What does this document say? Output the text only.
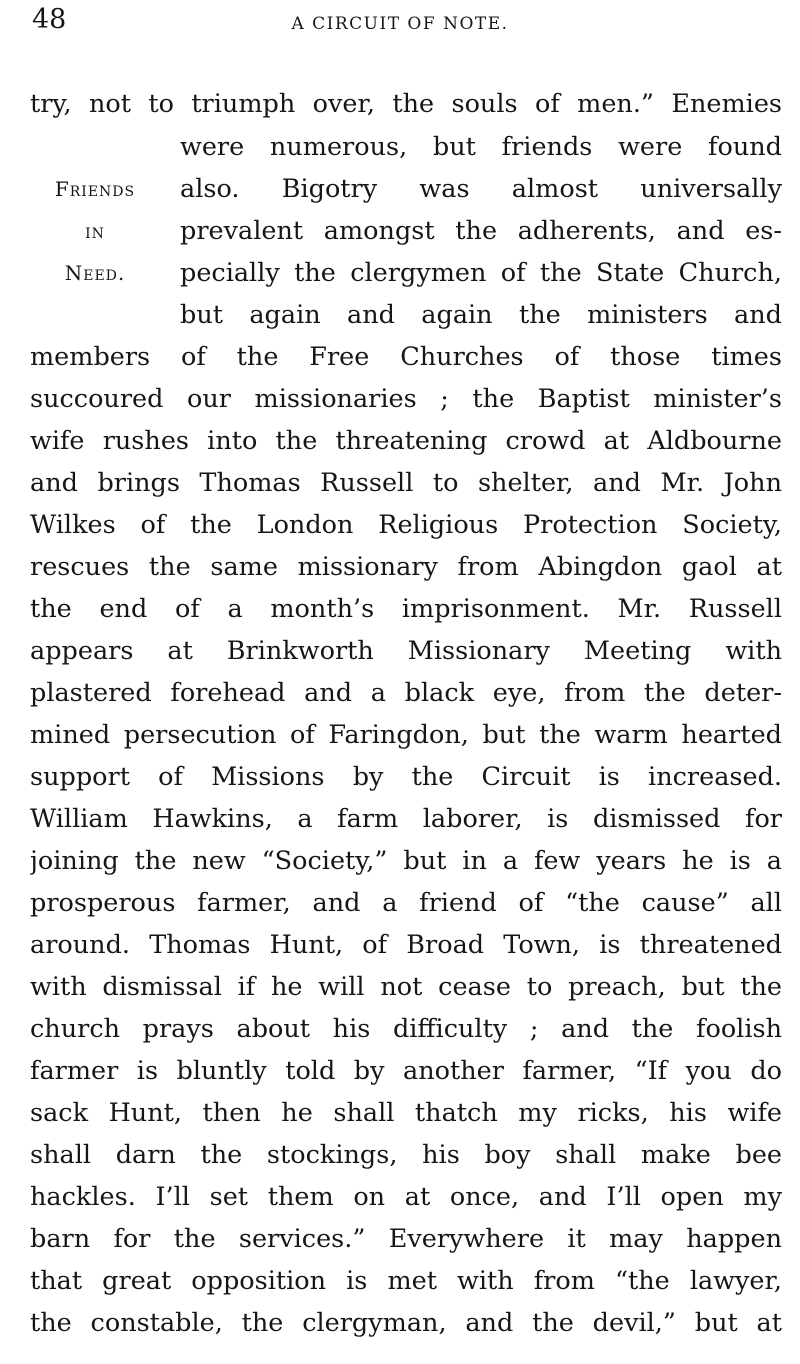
48	A CIRCUIT OF NOTE.
Friends
in
Need.
try, not to triumph over, the souls of men.” Enemies
were numerous, but friends were found
also. Bigotry was almost universally
prevalent amongst the adherents, and es-
pecially the clergymen of the State Church,
but again and again the ministers and
members of the Free Churches of those times
succoured our missionaries ; the Baptist minister’s
wife rushes into the threatening crowd at Aldbourne
and brings Thomas Russell to shelter, and Mr. John
Wilkes of the London Religious Protection Society,
rescues the same missionary from Abingdon gaol at
the end of a month’s imprisonment. Mr. Russell
appears at Brinkworth Missionary Meeting with
plastered forehead and a black eye, from the deter-
mined persecution of Faringdon, but the warm hearted
support of Missions by the Circuit is increased.
William Hawkins, a farm laborer, is dismissed for
joining the new “Society,” but in a few years he is a
prosperous farmer, and a friend of “the cause” all
around. Thomas Hunt, of Broad Town, is threatened
with dismissal if he will not cease to preach, but the
church prays about his difficulty ; and the foolish
farmer is bluntly told by another farmer, “If you do
sack Hunt, then he shall thatch my ricks, his wife
shall darn the stockings, his boy shall make bee
hackles. I’ll set them on at once, and I’ll open my
barn for the services.” Everywhere it may happen
that great opposition is met with from “the lawyer,
the constable, the clergyman, and the devil,” but at
